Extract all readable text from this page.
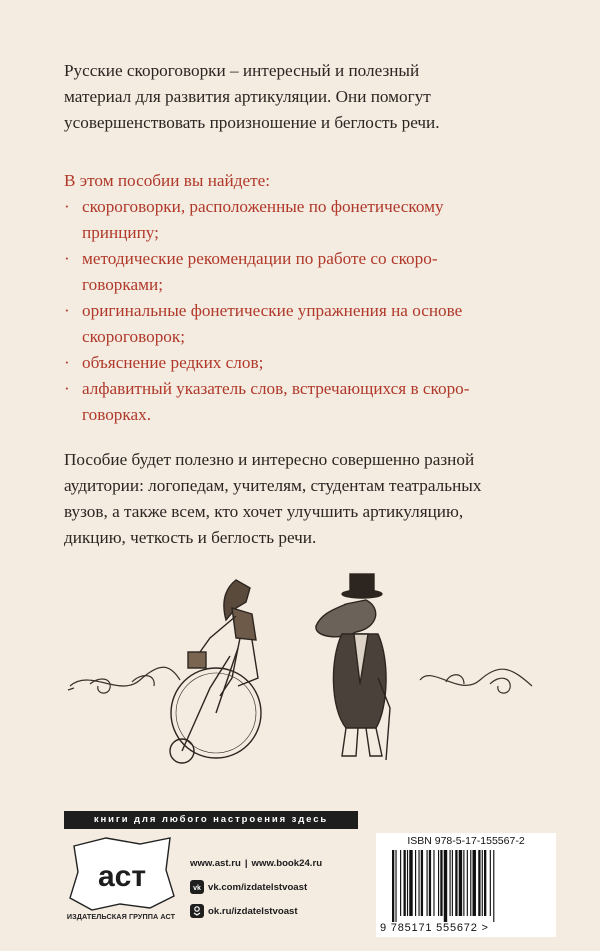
Русские скороговорки – интересный и полезный

материал для развития артикуляции. Они помогут

усовершенствовать произношение и беглость речи.

В этом пособии вы найдете:

· скороговорки, расположенные по фонетическому

принципу;

· методические рекомендации по работе со скоро-

говорками;

· оригинальные фонетические упражнения на основе

скороговорок;

· объяснение редких слов;

· алфавитный указатель слов, встречающихся в скоро-

говорках.

Пособие будет полезно и интересно совершенно разной

аудитории: логопедам, учителям, студентам театральных

вузов, а также всем, кто хочет улучшить артикуляцию,

дикцию, четкость и беглость речи.

книги для любого настроения здесь
аст
ИЗДАТЕЛЬСКАЯ ГРУППА АСТ
www.ast.ru | www.book24.ru
vk vk.com/izdatelstvoast
ok.ru/izdatelstvoast
ISBN 978-5-17-155567-2
9 785171 555672 >
